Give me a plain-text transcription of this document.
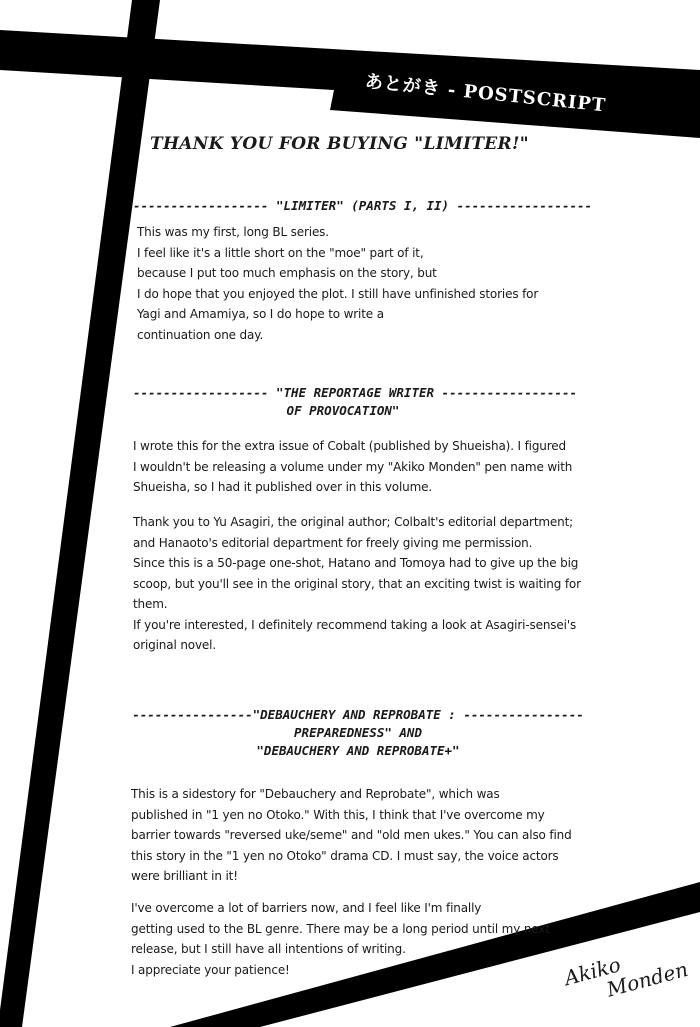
あとがき - POSTSCRIPT
THANK YOU FOR BUYING "LIMITER!"
------------------ "LIMITER" (PARTS I, II) ------------------
This was my first, long BL series.
I feel like it's a little short on the "moe" part of it,
because I put too much emphasis on the story, but
I do hope that you enjoyed the plot. I still have unfinished stories for
Yagi and Amamiya, so I do hope to write a
continuation one day.
------------------ "THE REPORTAGE WRITER ------------------
OF PROVOCATION"
I wrote this for the extra issue of Cobalt (published by Shueisha). I figured
I wouldn't be releasing a volume under my "Akiko Monden" pen name with
Shueisha, so I had it published over in this volume.
Thank you to Yu Asagiri, the original author; Colbalt's editorial department;
and Hanaoto's editorial department for freely giving me permission.
Since this is a 50-page one-shot, Hatano and Tomoya had to give up the big
scoop, but you'll see in the original story, that an exciting twist is waiting for
them.
If you're interested, I definitely recommend taking a look at Asagiri-sensei's
original novel.
----------------"DEBAUCHERY AND REPROBATE : ----------------
PREPAREDNESS" AND
"DEBAUCHERY AND REPROBATE+"
This is a sidestory for "Debauchery and Reprobate", which was
published in "1 yen no Otoko." With this, I think that I've overcome my
barrier towards "reversed uke/seme" and "old men ukes." You can also find
this story in the "1 yen no Otoko" drama CD. I must say, the voice actors
were brilliant in it!
I've overcome a lot of barriers now, and I feel like I'm finally
getting used to the BL genre. There may be a long period until my next
release, but I still have all intentions of writing.
I appreciate your patience!	Akiko
Monden
